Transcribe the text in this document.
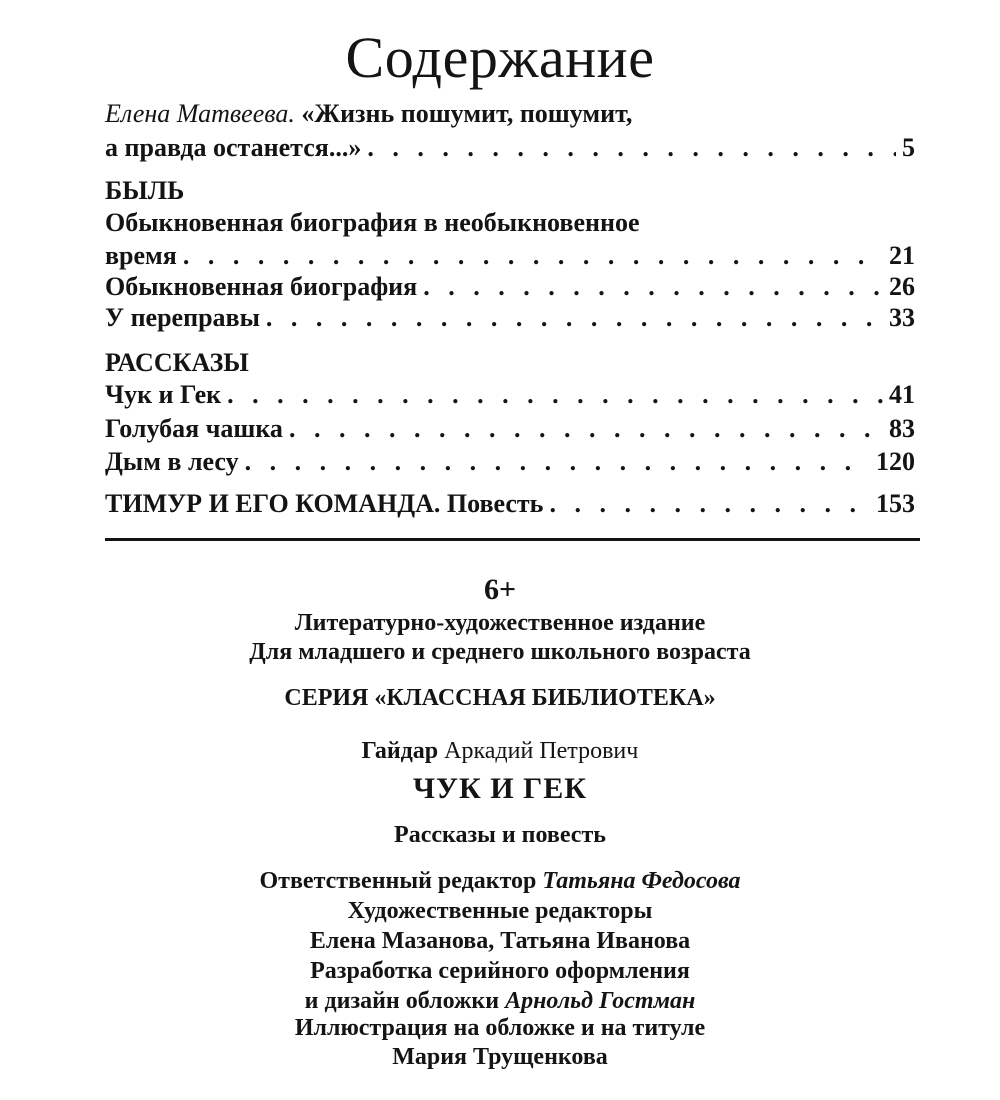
Содержание
Елена Матвеева. «Жизнь пошумит, пошумит,
а правда останется...» . . .	5
БЫЛЬ
Обыкновенная биография в необыкновенное
время . . .	21
Обыкновенная биография . . .	26
У переправы . . .	33
РАССКАЗЫ
Чук и Гек . . .	41
Голубая чашка . . .	83
Дым в лесу . . .	120
ТИМУР И ЕГО КОМАНДА. Повесть . . .	153
6+
Литературно-художественное издание
Для младшего и среднего школьного возраста
СЕРИЯ «КЛАССНАЯ БИБЛИОТЕКА»
Гайдар Аркадий Петрович
ЧУК И ГЕК
Рассказы и повесть
Ответственный редактор Татьяна Федосова
Художественные редакторы
Елена Мазанова, Татьяна Иванова
Разработка серийного оформления
и дизайн обложки Арнольд Гостман
Иллюстрация на обложке и на титуле
Мария Трущенкова
